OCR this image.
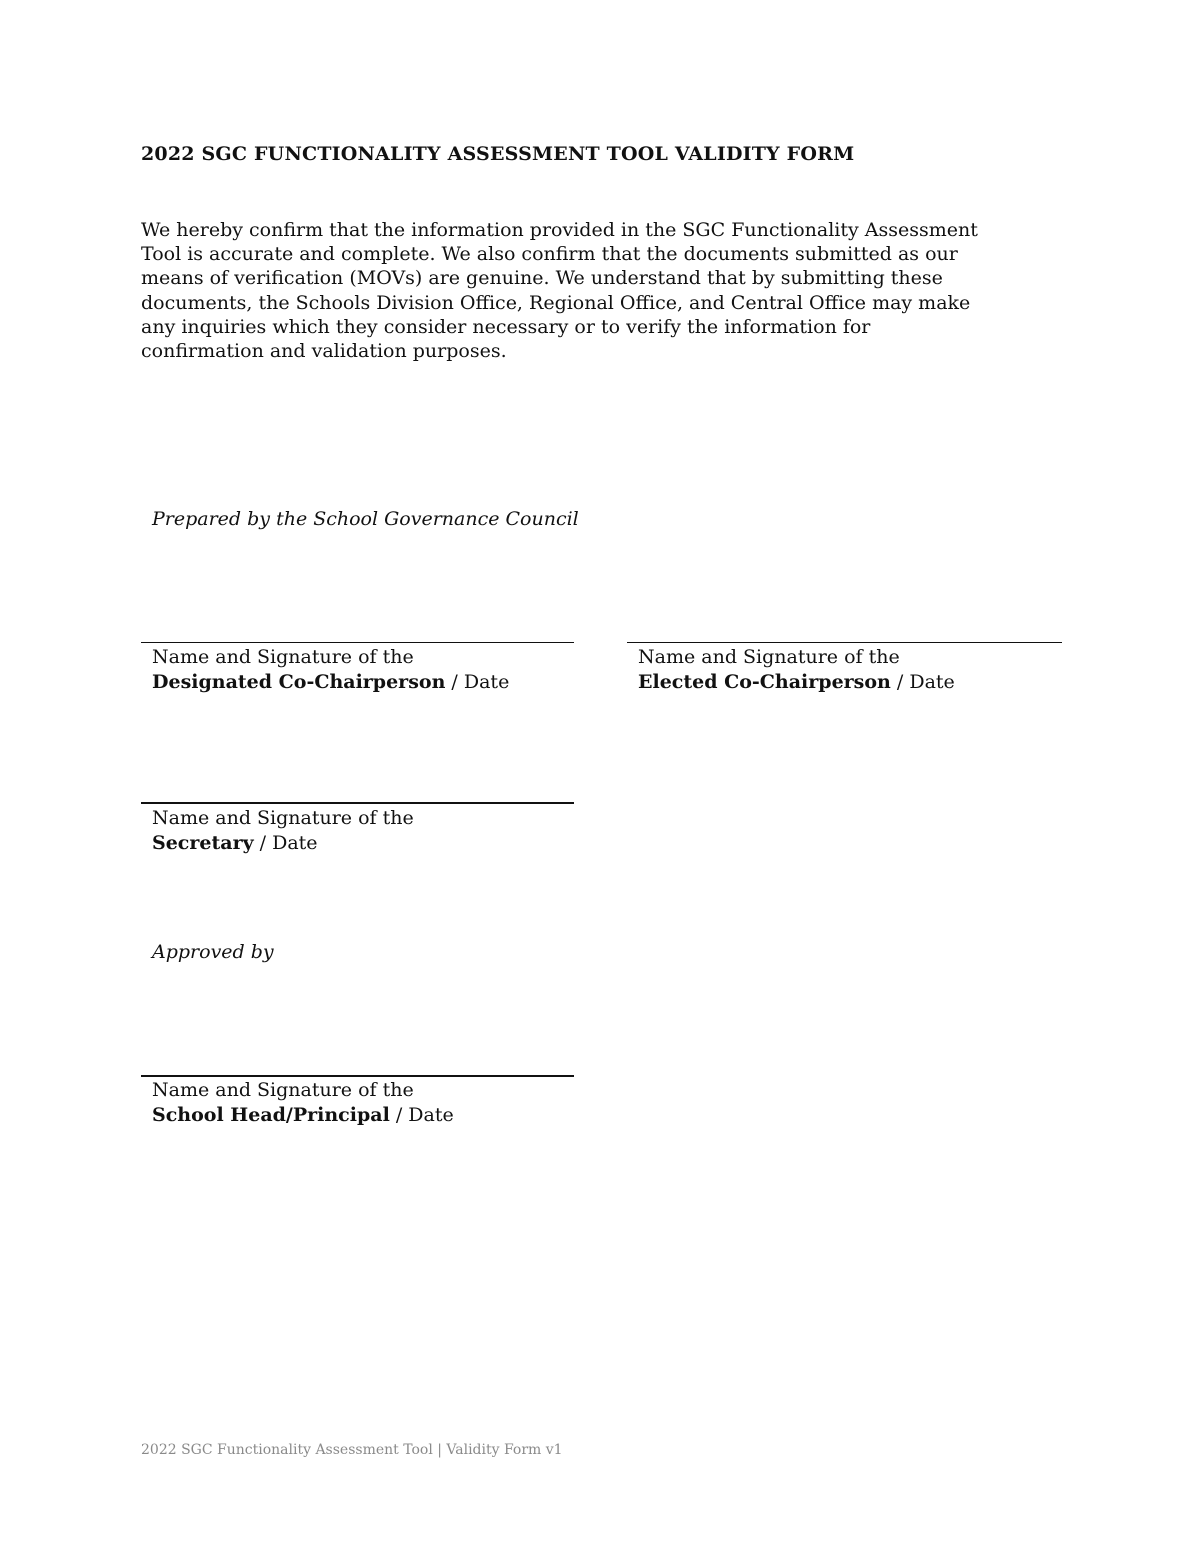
2022 SGC FUNCTIONALITY ASSESSMENT TOOL VALIDITY FORM
We hereby confirm that the information provided in the SGC Functionality Assessment
Tool is accurate and complete. We also confirm that the documents submitted as our
means of verification (MOVs) are genuine. We understand that by submitting these
documents, the Schools Division Office, Regional Office, and Central Office may make
any inquiries which they consider necessary or to verify the information for
confirmation and validation purposes.
Prepared by the School Governance Council
Name and Signature of the
Designated Co-Chairperson / Date
Name and Signature of the
Elected Co-Chairperson / Date
Name and Signature of the
Secretary / Date
Approved by
Name and Signature of the
School Head/Principal / Date
2022 SGC Functionality Assessment Tool | Validity Form v1
